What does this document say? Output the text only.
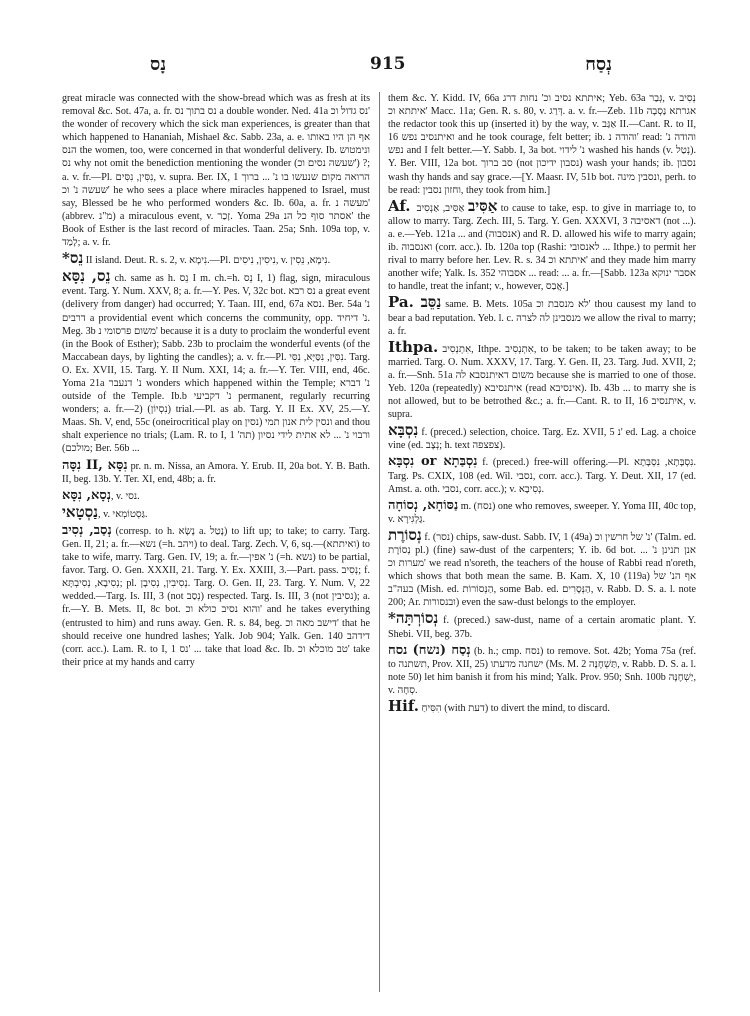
נָס	915	נְסַח
great miracle was connected with the show-bread which was as fresh at its removal &c. Sot. 47a, a. fr. נס בתוך נס a double wonder. Ned. 41a נס גדול וכ' the wonder of recovery which the sick man experiences, is greater than that which happened to Hananiah, Mishael &c. Sabb. 23a, a. e. אף הן היו באותו הנס the women, too, were concerned in that wonderful delivery. Ib. ונימטוש נס why not omit the benediction mentioning the wonder (שעשה נסים וכ') ?; a. v. fr.—Pl. נִסִּין, נִסִּים, v. supra. Ber. IX, 1 הרואה מקום שנעשו בו נ' ... ברוך שעשה נ' וכ' he who sees a place where miracles happened to Israel, must say, Blessed be he who performed wonders &c. Ib. 60a, a. fr. מעשה נ' (abbrev. מ"נ) a miraculous event, v. זָכַר. Yoma 29a אסתר סוף כל הנ' the Book of Esther is the last record of miracles. Taan. 25a; Snh. 109a top, v. לָמַד; a. v. fr.
*נֵס II island. Deut. R. s. 2, v. נִימָא.—Pl. נִיסִין, נִיסִים, v. נִימָא, נֵסִין.
נֵס, נִסָּא ch. same as h. נֵס I m. ch.=h. נֵס I, 1) flag, sign, miraculous event. Targ. Y. Num. XXV, 8; a. fr.—Y. Pes. V, 32c bot. נס רבא a great event (delivery from danger) had occurred; Y. Taan. III, end, 67a נסא. Ber. 54a נ' דרבים a providential event which concerns the community, opp. נ' דיחיד. Meg. 3b משום פרסומי נ' because it is a duty to proclaim the wonderful event (in the Book of Esther); Sabb. 23b to proclaim the wonderful events (of the Maccabean days, by lighting the candles); a. v. fr.—Pl. נִסִּין, נִסַּיָּא, נִסִּי. Targ. O. Ex. XVII, 15. Targ. Y. II Num. XXI, 14; a. fr.—Y. Ter. VIII, end, 46c. Yoma 21a נ' דנעבר wonders which happened within the Temple; נ' דברא outside of the Temple. Ib.b נ' דקביעי permanent, regularly recurring wonders; a. fr.—2) (נִסְיוֹן) trial.—Pl. as ab. Targ. Y. II Ex. XV, 25.—Y. Maas. Sh. V, end, 55c (oneirocritical play on נסין) ונסין לית אנון תמי and thou shalt experience no trials; (Lam. R. to I, 1 ורבוי נ' ... לא אתית לידי נסיון (תה' מולכם); Ber. 56b ...
נִסָּה II, נִסָּא pr. n. m. Nissa, an Amora. Y. Erub. II, 20a bot. Y. B. Bath. II, beg. 13b. Y. Ter. XI, end, 48b; a. fr.
נְסָא, נִסָּא, v. נסי.
נַסְטָאי, v. גַּסְטוֹמְאי.
נְסַב, נְסִיב (corresp. to h. נָשָׂא a. נָטַל) to lift up; to take; to carry. Targ. Gen. II, 21; a. fr.—נשא (=h. ויהב) to deal. Targ. Zech. V, 6, sq.—(ואיתתא) to take to wife, marry. Targ. Gen. IV, 19; a. fr.—נ' אפין (=h. נשא) to be partial, favor. Targ. O. Gen. XXXII, 21. Targ. Y. Ex. XXIII, 3.—Part. pass. נְסִיב; f. נְסִיבָא, נְסִיבְתָּא; pl. נְסִיבִין, נְסִיבָן. Targ. O. Gen. II, 23. Targ. Y. Num. V, 22 wedded.—Targ. Is. III, 3 (not נְסַב) respected. Targ. Is. III, 3 (not נסיבין); a. fr.—Y. B. Mets. II, 8c bot. והוא נסיב כולא וכ' and he takes everything (entrusted to him) and runs away. Gen. R. s. 84, beg. דישב מאה וכ' that he should receive one hundred lashes; Yalk. Job 904; Yalk. Gen. 140 דידהב (corr. acc.). Lam. R. to I, 1 נס' ... take that load &c. Ib. טב מוכלא וכ' take their price at my hands and carry
them &c. Y. Kidd. IV, 66a איתתא נסיב וכ' נחות דרג; Yeb. 63a גְּבַר, v. נְסִיב איתתא וכ' Macc. 11a; Gen. R. s. 80, v. דְּרַג. a. v. fr.—Zeb. 11b אגרתא נַסְבָה the redactor took this up (inserted it) by the way, v. אַגַּב II.—Cant. R. to II, 16 ואיתנסיב נפש and he took courage, felt better; ib. והודה נ' read: והודה נ' נפש and I felt better.—Y. Sabb. I, 3a bot. נ' לידוי washed his hands (v. נְטַל). Y. Ber. VIII, 12a bot. סב ברוך (not נסבון ידיכון) wash your hands; ib. נסבון wash thy hands and say grace.—[Y. Maasr. IV, 51b bot. ונסבין מינה, perh. to be read: וחזון נסבין, they took from him.]
Af. אַסִּיב אַסִּיב, אַנְסִיב to cause to take, esp. to give in marriage to, to allow to marry. Targ. Zech. III, 5. Targ. Y. Gen. XXXVI, 3 דאסיבה (not ...). a. e.—Yeb. 121a ... and (אנסבוה) and R. D. allowed his wife to marry again; ib. ואנסבוה (corr. acc.). Ib. 120a top (Rashi: לאנסובי ... Ithpe.) to permit her rival to marry before her. Lev. R. s. 34 איתתא וכ' and they made him marry another wife; Yalk. Is. 352 אסבוהי ... read: ... a. fr.—[Sabb. 123a אסבר ינוקא to handle, treat the infant; v., however, אֲבַס.]
Pa. נַסֵּב same. B. Mets. 105a לא מנסבת וכ' thou causest my land to bear a bad reputation. Yeb. l. c. מנסבינן לה לצרה we allow the rival to marry; a. fr.
Ithpa. אִתְנְסִיב, Ithpe. אִתְנְסִיב, to be taken; to be taken away; to be married. Targ. O. Num. XXXV, 17. Targ. Y. Gen. II, 23. Targ. Jud. XVII, 2; a. fr.—Snh. 51a משום דאיתנסבא לה because she is married to one of those. Yeb. 120a (repeatedly) איתנסיבא (read אינסיבא). Ib. 43b ... to marry she is not allowed, but to be betrothed &c.; a. fr.—Cant. R. to II, 16 איתנסיב, v. supra.
נִסְבָּא f. (preced.) selection, choice. Targ. Ez. XVII, 5 נ' ed. Lag. a choice vine (ed. נְצָב; h. text צפצפה).
נִסְבָּא or נִסְבַּתָא f. (preced.) free-will offering.—Pl. נִסְבָּתָא, נִסְבָּתָא. Targ. Ps. CXIX, 108 (ed. Wil. נסבי, corr. acc.). Targ. Y. Deut. XII, 17 (ed. Amst. a. oth. נסבי, corr. acc.); v. נְסִיבָא.
נַסּוֹחָא, נְסוֹחָה m. (נסח) one who removes, sweeper. Y. Yoma III, 40c top, v. גַּלְגִּירָא.
נְסוֹרֶת f. (נסר) chips, saw-dust. Sabb. IV, 1 (49a) נ' של חרשין וכ' (Talm. ed. נְסוֹרֶת pl.) (fine) saw-dust of the carpenters; Y. ib. 6d bot. אנן תנינן נ' ... מערות וכ' we read n'soreth, the teachers of the house of Rabbi read n'oreth, which shows that both mean the same. B. Kam. X, 10 (119a) אף הנ' של בעה"ב (Mish. ed. הַנְּסוֹרוֹת, some Bab. ed. הַנְּסָרִים, v. Rabb. D. S. a. l. note 200; Ar. ובנסורות) even the saw-dust belongs to the employer.
*נְסוֹרְתָּה f. (preced.) saw-dust, name of a certain aromatic plant. Y. Shebi. VII, beg. 37b.
נְסַח (נשח) נסח (b. h.; cmp. נסח) to remove. Sot. 42b; Yoma 75a (ref. to תשתנה, Prov. XII, 25) ישחנה מדעתו (Ms. M. 2 תַּשְׁחֶנָּה, v. Rabb. D. S. a. l. note 50) let him banish it from his mind; Yalk. Prov. 950; Snh. 100b יַשְׁחֶנָּה, v. סְחָה.
Hif. הִסִּיחַ (with דעת) to divert the mind, to discard.
